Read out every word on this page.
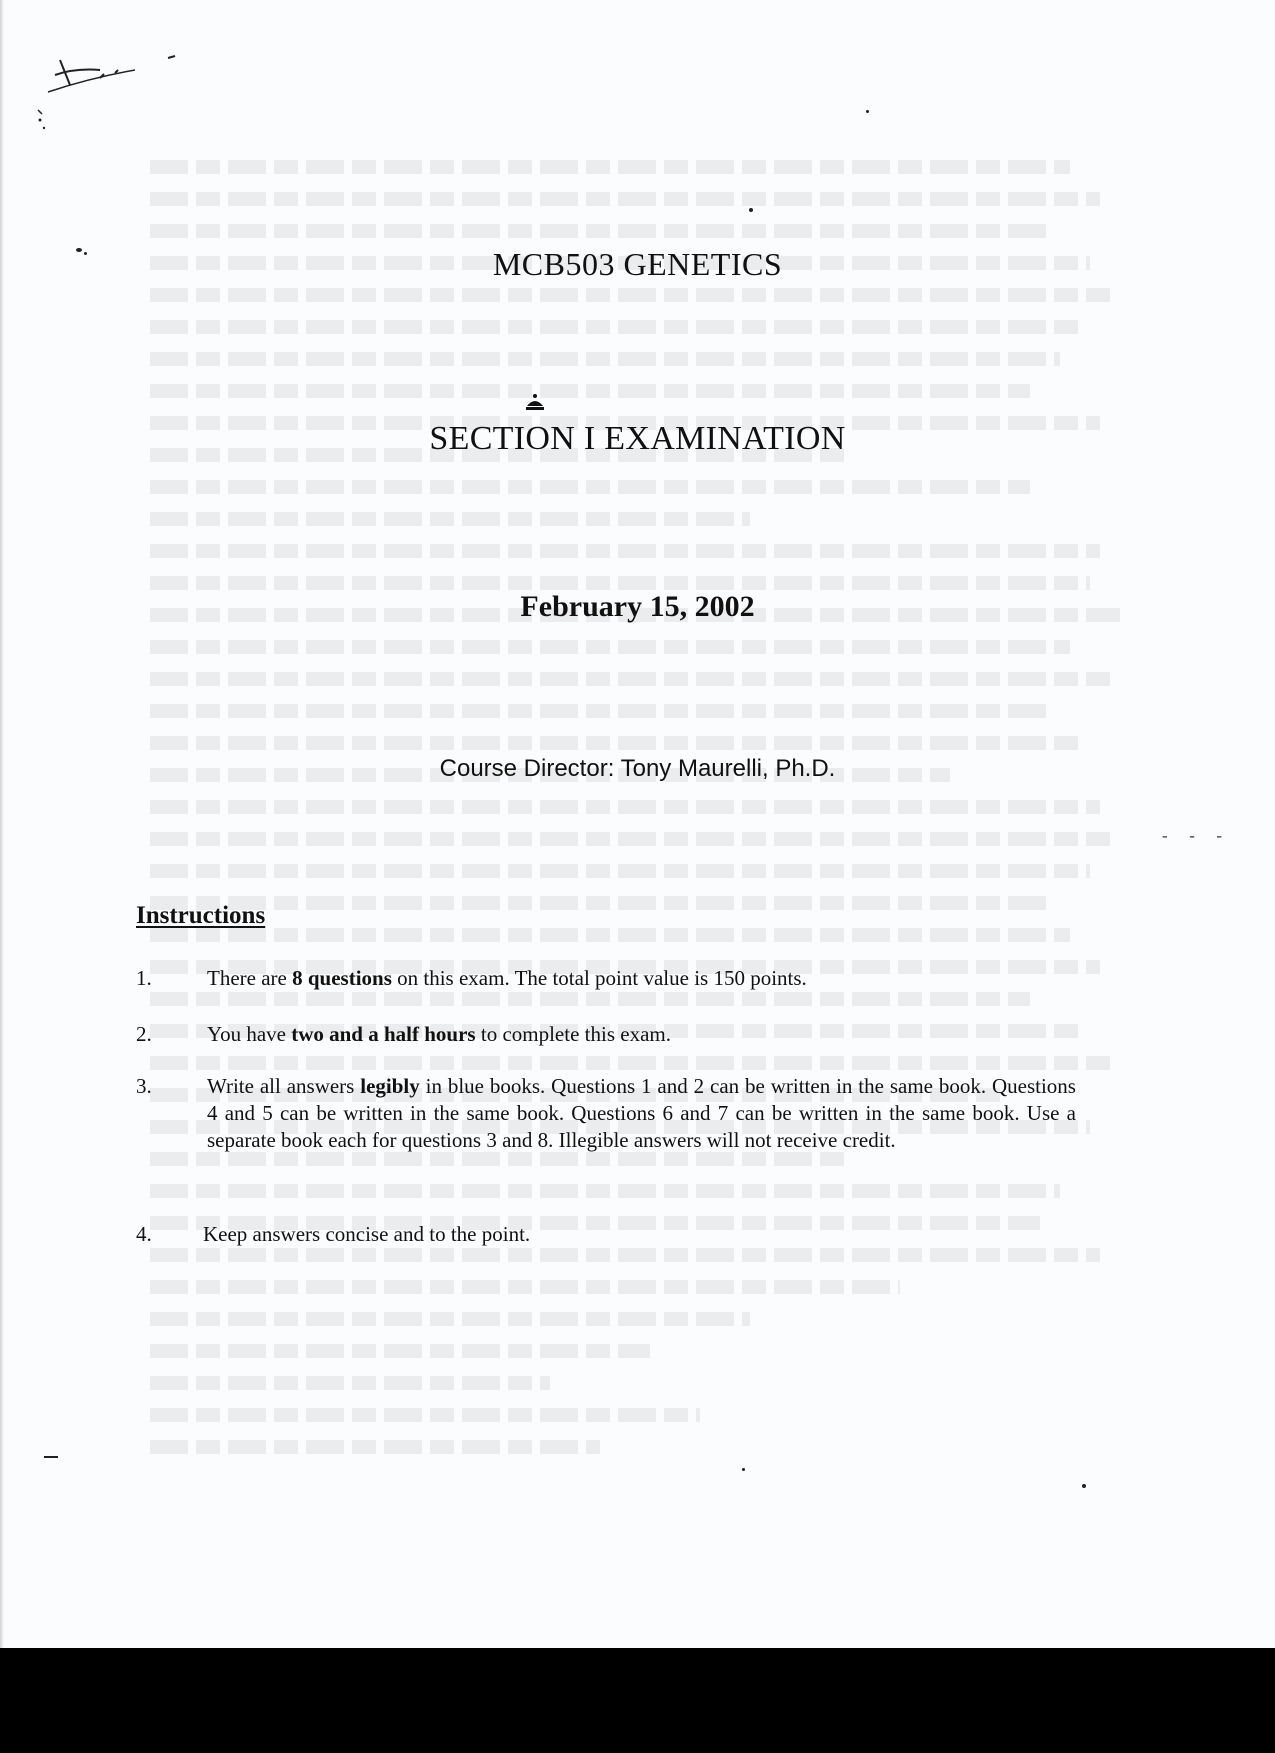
MCB503 GENETICS
SECTION I EXAMINATION
February 15, 2002
Course Director: Tony Maurelli, Ph.D.
- - -
Instructions
1.	There are 8 questions on this exam. The total point value is 150 points.
2.	You have two and a half hours to complete this exam.
3.	Write all answers legibly in blue books. Questions 1 and 2 can be written in the same book. Questions 4 and 5 can be written in the same book. Questions 6 and 7 can be written in the same book. Use a separate book each for questions 3 and 8. Illegible answers will not receive credit.
4.	Keep answers concise and to the point.
